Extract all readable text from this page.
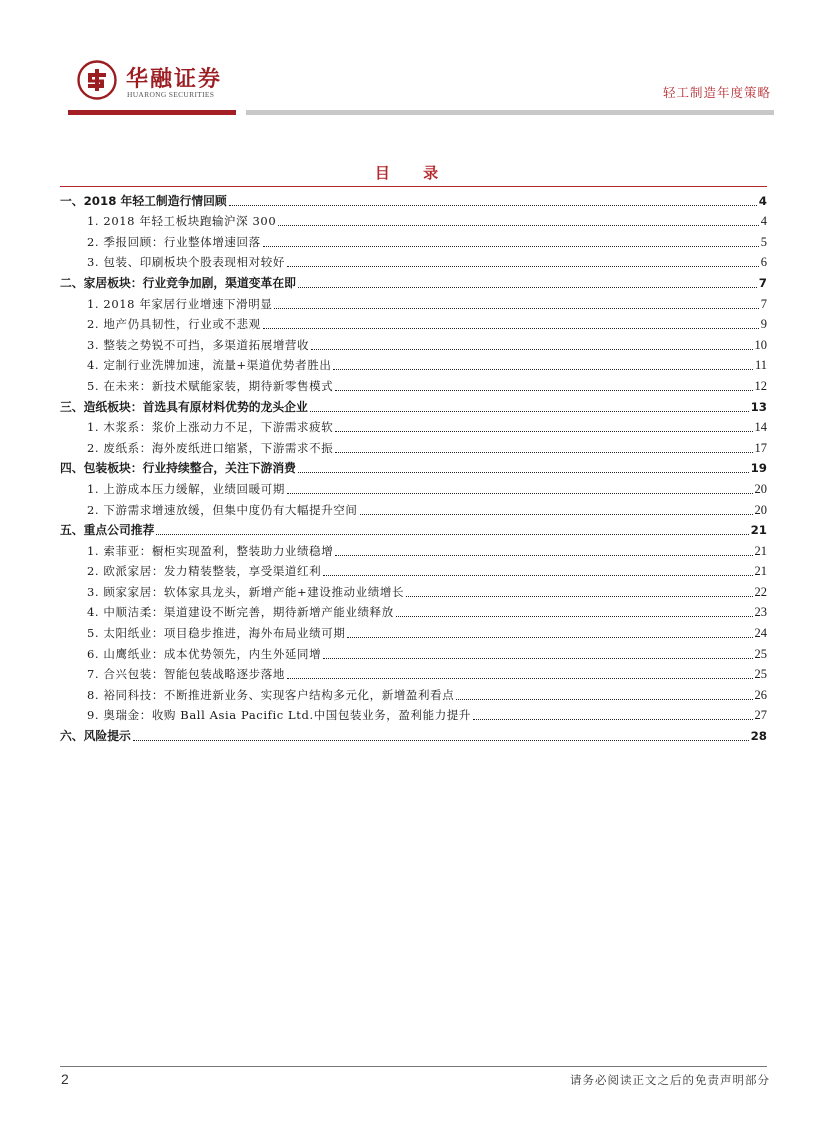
华融证券
HUARONG SECURITIES	轻工制造年度策略
目 录
一、2018 年轻工制造行情回顾	4
1. 2018 年轻工板块跑输沪深 300	4
2. 季报回顾：行业整体增速回落	5
3. 包装、印刷板块个股表现相对较好	6
二、家居板块：行业竞争加剧，渠道变革在即	7
1. 2018 年家居行业增速下滑明显	7
2. 地产仍具韧性，行业或不悲观	9
3. 整装之势锐不可挡，多渠道拓展增营收	10
4. 定制行业洗牌加速，流量+渠道优势者胜出	11
5. 在未来：新技术赋能家装，期待新零售模式	12
三、造纸板块：首选具有原材料优势的龙头企业	13
1. 木浆系：浆价上涨动力不足，下游需求疲软	14
2. 废纸系：海外废纸进口缩紧，下游需求不振	17
四、包装板块：行业持续整合，关注下游消费	19
1. 上游成本压力缓解，业绩回暖可期	20
2. 下游需求增速放缓，但集中度仍有大幅提升空间	20
五、重点公司推荐	21
1. 索菲亚：橱柜实现盈利，整装助力业绩稳增	21
2. 欧派家居：发力精装整装，享受渠道红利	21
3. 顾家家居：软体家具龙头，新增产能+建设推动业绩增长	22
4. 中顺洁柔：渠道建设不断完善，期待新增产能业绩释放	23
5. 太阳纸业：项目稳步推进，海外布局业绩可期	24
6. 山鹰纸业：成本优势领先，内生外延同增	25
7. 合兴包装：智能包装战略逐步落地	25
8. 裕同科技：不断推进新业务、实现客户结构多元化，新增盈利看点	26
9. 奥瑞金：收购 Ball Asia Pacific Ltd.中国包装业务，盈利能力提升	27
六、风险提示	28
2	请务必阅读正文之后的免责声明部分
